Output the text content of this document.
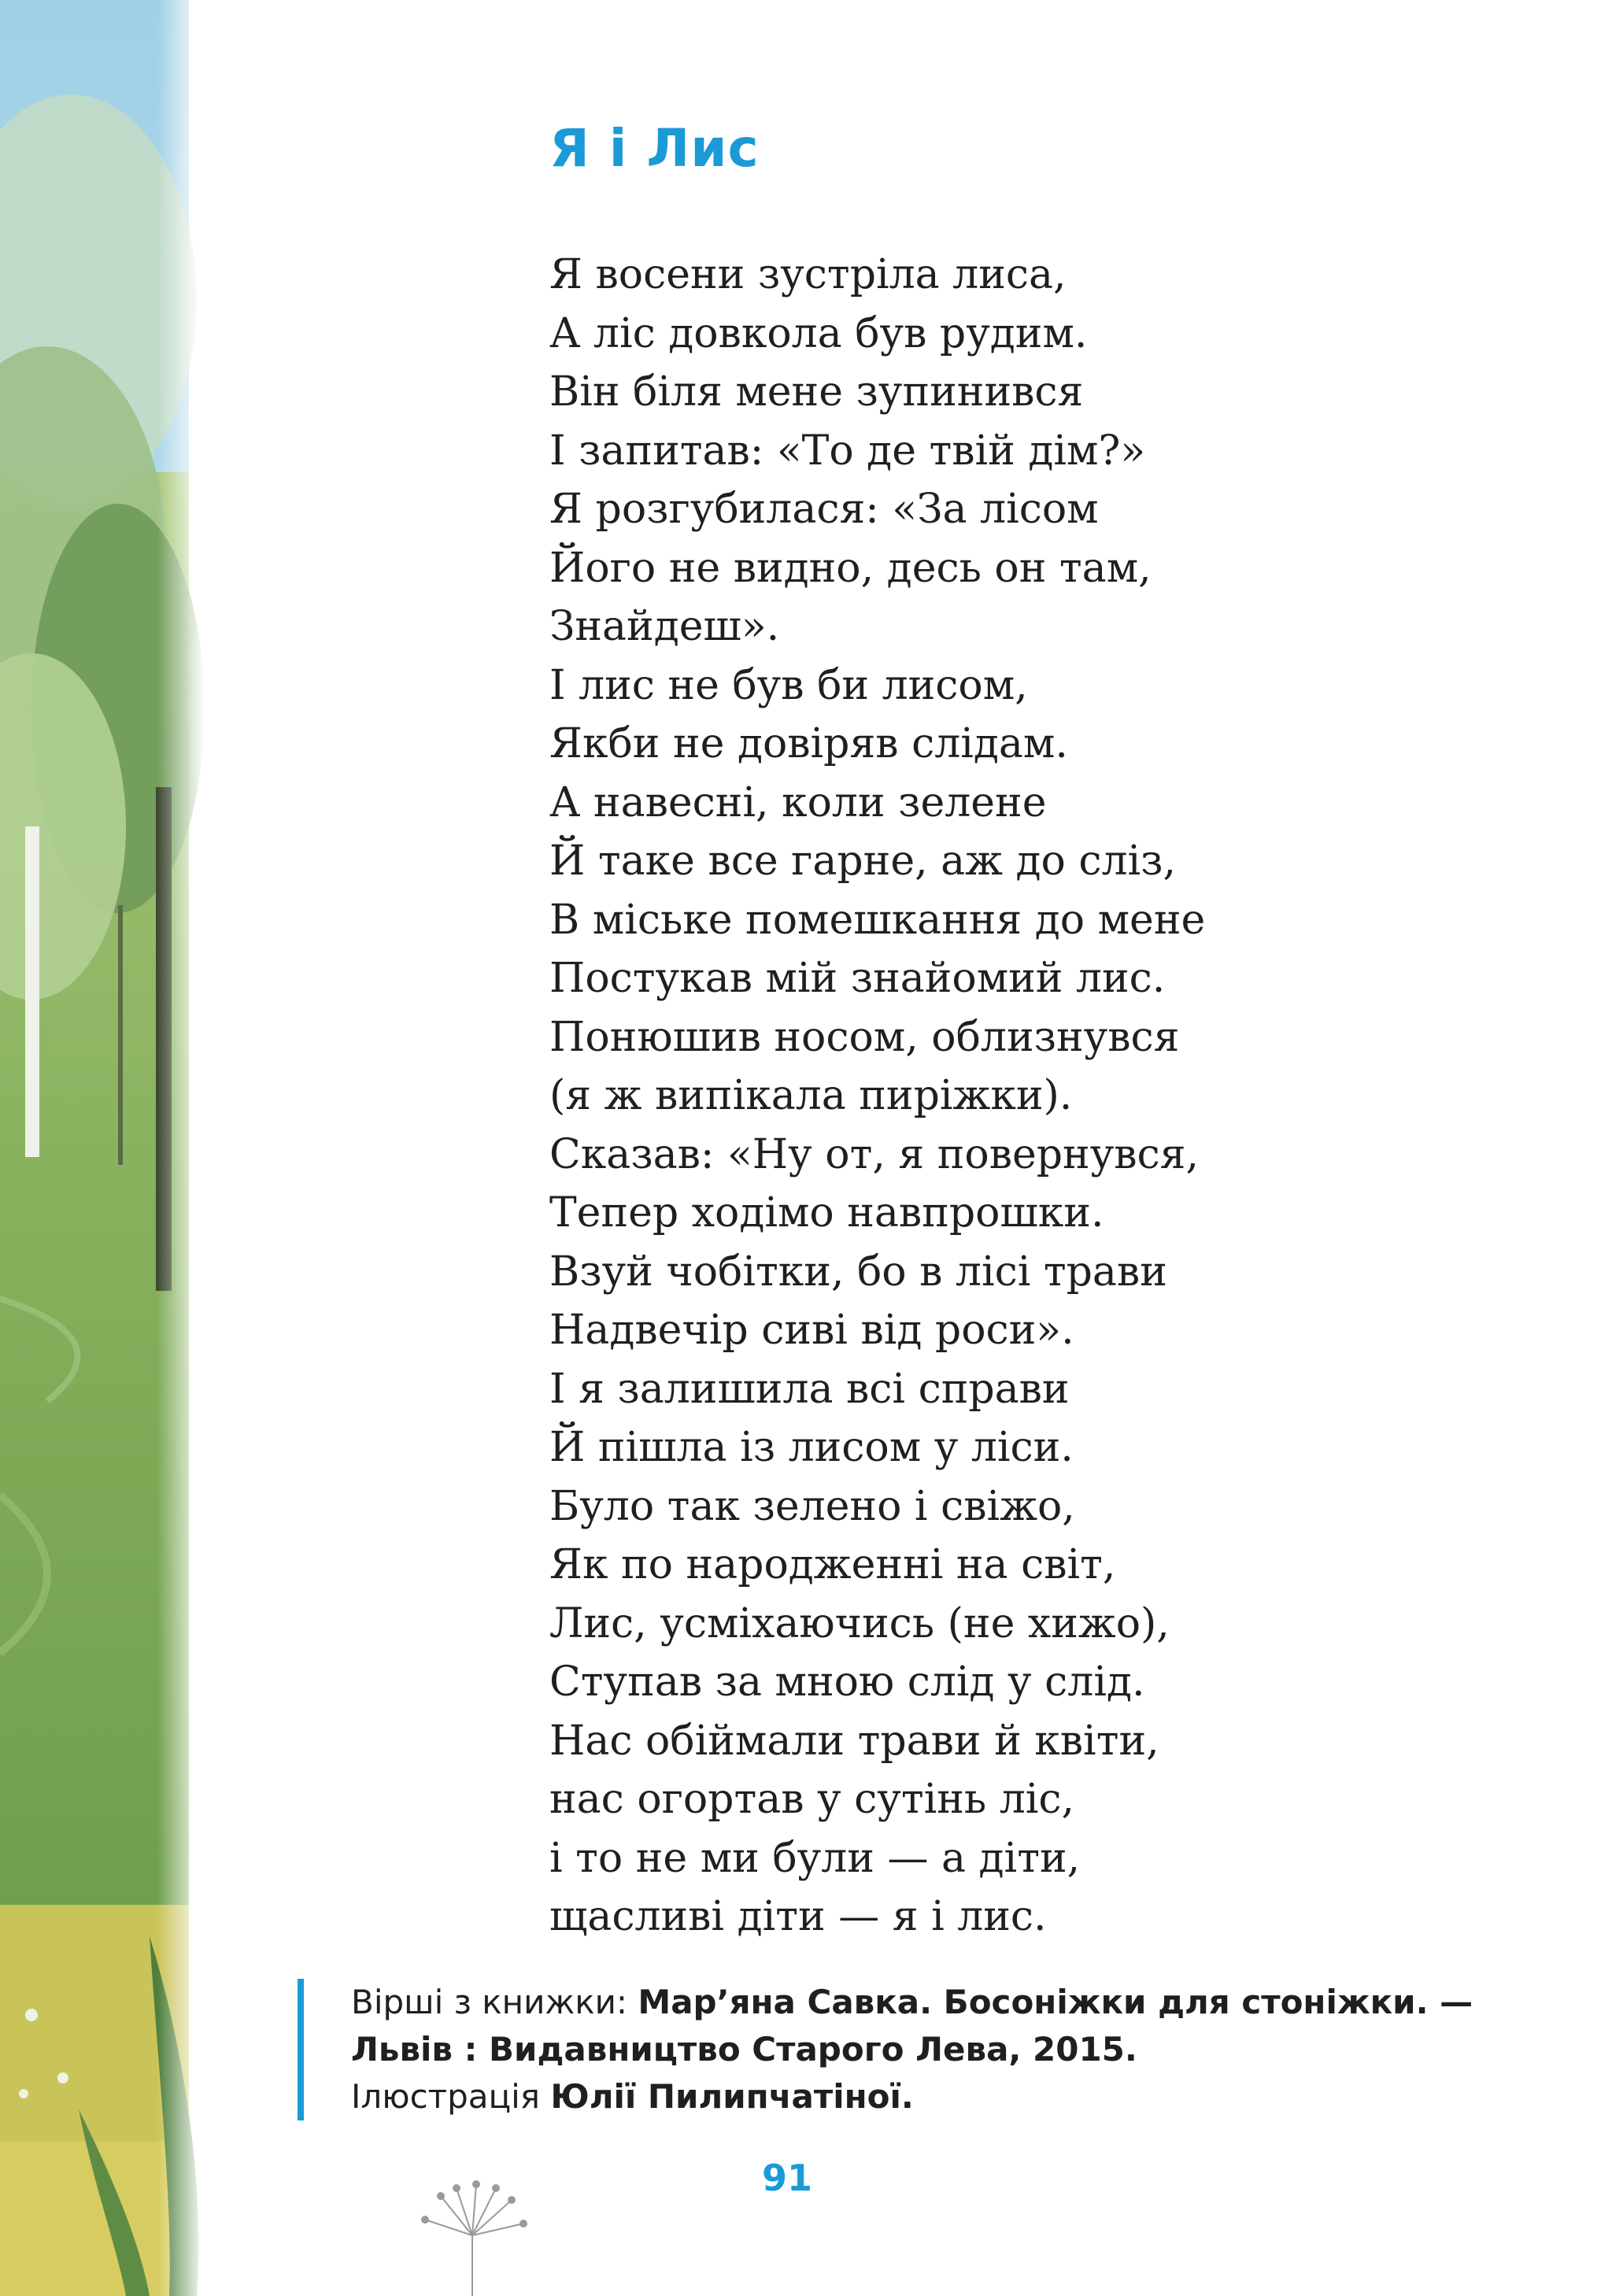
Я і Лис
Я восени зустріла лиса,
А ліс довкола був рудим.
Він біля мене зупинився
І запитав: «То де твій дім?»
Я розгубилася: «За лісом
Його не видно, десь он там,
Знайдеш».
І лис не був би лисом,
Якби не довіряв слідам.
А навесні, коли зелене
Й таке все гарне, аж до сліз,
В міське помешкання до мене
Постукав мій знайомий лис.
Понюшив носом, облизнувся
(я ж випікала пиріжки).
Сказав: «Ну от, я повернувся,
Тепер ходімо навпрошки.
Взуй чобітки, бо в лісі трави
Надвечір сиві від роси».
І я залишила всі справи
Й пішла із лисом у ліси.
Було так зелено і свіжо,
Як по народженні на світ,
Лис, усміхаючись (не хижо),
Ступав за мною слід у слід.
Нас обіймали трави й квіти,
нас огортав у сутінь ліс,
і то не ми були — а діти,
щасливі діти — я і лис.
Вірші з книжки: Мар’яна Савка. Босоніжки для стоніжки. —
Львів : Видавництво Старого Лева, 2015.
Ілюстрація Юлії Пилипчатіної.
91
